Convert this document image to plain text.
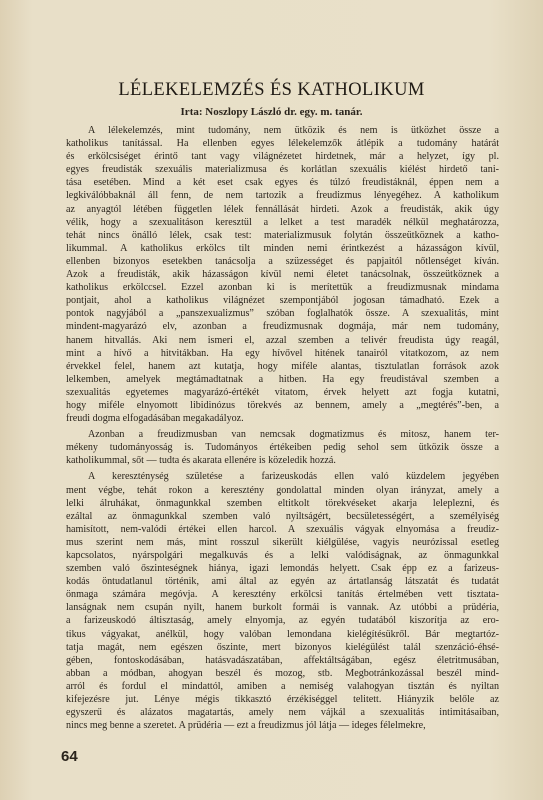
LÉLEKELEMZÉS ÉS KATHOLIKUM
Irta: Noszlopy László dr. egy. m. tanár.
A lélekelemzés, mint tudomány, nem ütközik és nem is ütközhet össze a
katholikus tanítással. Ha ellenben egyes lélekelemzők átlépik a tudomány határát
és erkölcsiséget érintő tant vagy világnézetet hirdetnek, már a helyzet, így pl.
egyes freudisták szexuális materializmusa és korlátlan szexuális kiélést hirdető tani-
tása esetében. Mind a két eset csak egyes és túlzó freudistáknál, éppen nem a
legkiválóbbaknál áll fenn, de nem tartozik a freudizmus lényegéhez. A katholikum
az anyagtól létében független lélek fennállását hirdeti. Azok a freudisták, akik úgy
vélik, hogy a szexualitáson keresztül a lelket a test maradék nélkül meghatározza,
tehát nincs önálló lélek, csak test: materializmusuk folytán összeütköznek a katho-
likummal. A katholikus erkölcs tilt minden nemi érintkezést a házasságon kívül,
ellenben bizonyos esetekben tanácsolja a szüzességet és papjaitól nőtlenséget kíván.
Azok a freudisták, akik házasságon kívül nemi életet tanácsolnak, összeütköznek a
katholikus erkölccsel. Ezzel azonban ki is merítettük a freudizmusnak mindama
pontjait, ahol a katholikus világnézet szempontjából jogosan támadható. Ezek a
pontok nagyjából a „panszexualizmus” szóban foglalhatók össze. A szexualitás, mint
mindent-magyarázó elv, azonban a freudizmusnak dogmája, már nem tudomány,
hanem hitvallás. Aki nem ismeri el, azzal szemben a telivér freudista úgy reagál,
mint a hívő a hitvitákban. Ha egy hívővel hitének tanairól vitatkozom, az nem
érvekkel felel, hanem azt kutatja, hogy miféle alantas, tisztulatlan források azok
lelkemben, amelyek megtámadtatnak a hitben. Ha egy freudistával szemben a
szexualitás egyetemes magyarázó-értékét vitatom, érvek helyett azt fogja kutatni,
hogy miféle elnyomott libidinózus törekvés az bennem, amely a „megtérés”-ben, a
freudi dogma elfogadásában megakadályoz.
Azonban a freudizmusban van nemcsak dogmatizmus és mitosz, hanem ter-
mékeny tudományosság is. Tudományos értékeiben pedig sehol sem ütközik össze a
katholikummal, sőt — tudta és akarata ellenére is közeledik hozzá.
A kereszténység születése a farizeuskodás ellen való küzdelem jegyében
ment végbe, tehát rokon a keresztény gondolattal minden olyan irányzat, amely a
lelki álruhákat, önmagunkkal szemben eltitkolt törekvéseket akarja leleplezni, és
ezáltal az önmagunkkal szemben való nyiltságért, becsületességért, a személyiség
hamisított, nem-valódi értékei ellen harcol. A szexuális vágyak elnyomása a freudiz-
mus szerint nem más, mint rosszul sikerült kiélgülése, vagyis neurózissal esetleg
kapcsolatos, nyárspolgári megalkuvás és a lelki valódiságnak, az önmagunkkal
szemben való őszinteségnek hiánya, igazi lemondás helyett. Csak épp ez a farizeus-
kodás öntudatlanul történik, ami által az egyén az ártatlanság látszatát és tudatát
önmaga számára megóvja. A keresztény erkölcsi tanítás értelmében vett tisztata-
lanságnak nem csupán nyilt, hanem burkolt formái is vannak. Az utóbbi a prüdéria,
a farizeuskodó áltisztaság, amely elnyomja, az egyén tudatából kiszorítja az ero-
tikus vágyakat, anélkül, hogy valóban lemondana kielégítésükről. Bár megtartóz-
tatja magát, nem egészen őszinte, mert bizonyos kielégülést talál szenzáció-éhsé-
gében, fontoskodásában, hatásvadászatában, affektáltságában, egész életritmusában,
abban a módban, ahogyan beszél és mozog, stb. Megbotránkozással beszél mind-
arról és fordul el mindattól, amiben a nemiség valahogyan tisztán és nyiltan
kifejezésre jut. Lénye mégis tikkasztó érzékiséggel telitett. Hiányzik belőle az
egyszerű és alázatos magatartás, amely nem vájkál a szexualitás intimitásaiban,
nincs meg benne a szeretet. A prüdéria — ezt a freudizmus jól látja — ideges félelmekre,
64
